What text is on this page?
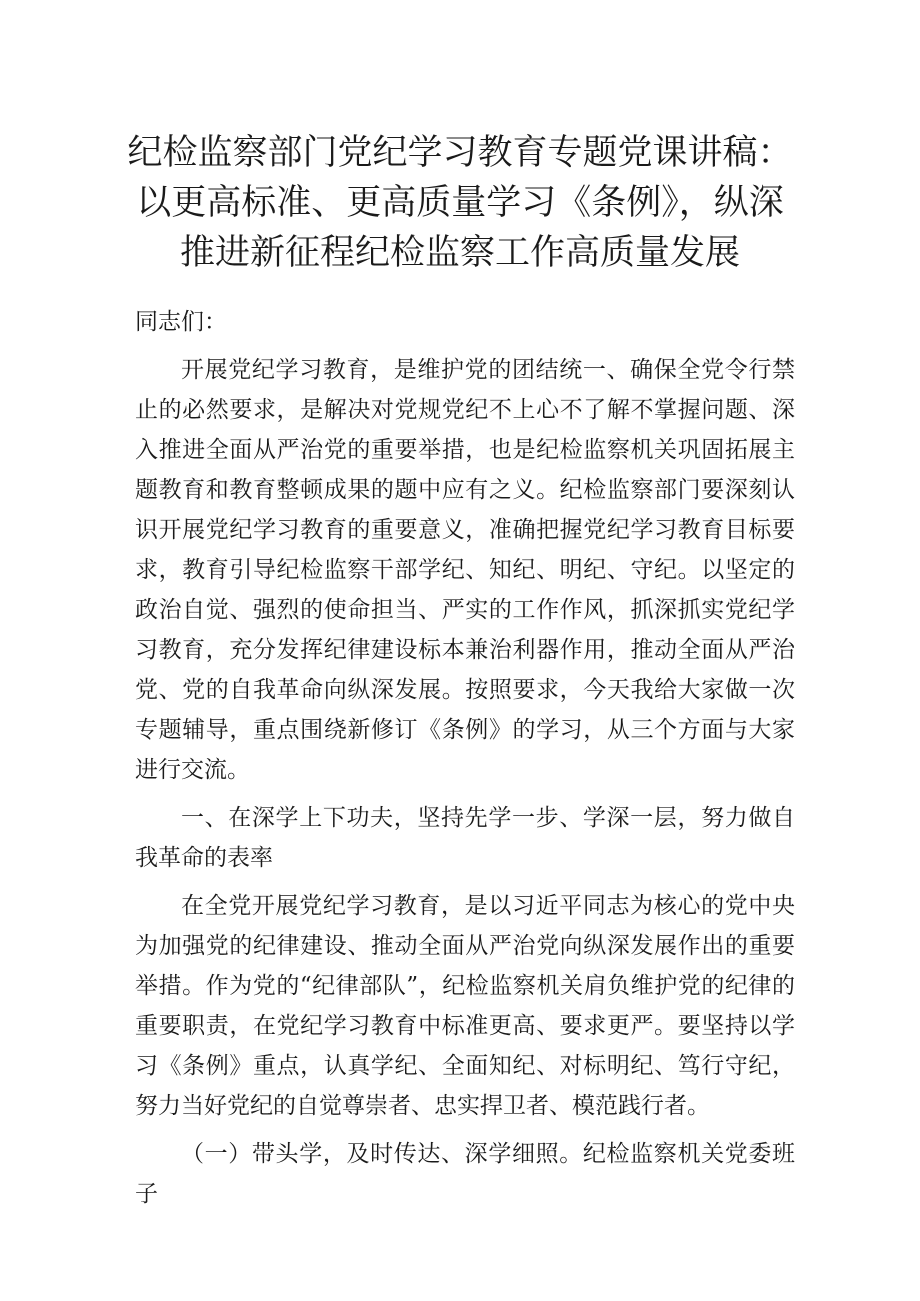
纪检监察部门党纪学习教育专题党课讲稿：
以更高标准、更高质量学习《条例》，纵深
推进新征程纪检监察工作高质量发展

同志们：

开展党纪学习教育，是维护党的团结统一、确保全党令行禁止的必然要求，是解决对党规党纪不上心不了解不掌握问题、深入推进全面从严治党的重要举措，也是纪检监察机关巩固拓展主题教育和教育整顿成果的题中应有之义。纪检监察部门要深刻认识开展党纪学习教育的重要意义，准确把握党纪学习教育目标要求，教育引导纪检监察干部学纪、知纪、明纪、守纪。以坚定的政治自觉、强烈的使命担当、严实的工作作风，抓深抓实党纪学习教育，充分发挥纪律建设标本兼治利器作用，推动全面从严治党、党的自我革命向纵深发展。按照要求，今天我给大家做一次专题辅导，重点围绕新修订《条例》的学习，从三个方面与大家进行交流。

一、在深学上下功夫，坚持先学一步、学深一层，努力做自我革命的表率

在全党开展党纪学习教育，是以习近平同志为核心的党中央为加强党的纪律建设、推动全面从严治党向纵深发展作出的重要举措。作为党的“纪律部队”，纪检监察机关肩负维护党的纪律的重要职责，在党纪学习教育中标准更高、要求更严。要坚持以学习《条例》重点，认真学纪、全面知纪、对标明纪、笃行守纪，努力当好党纪的自觉尊崇者、忠实捍卫者、模范践行者。

（一）带头学，及时传达、深学细照。纪检监察机关党委班子
